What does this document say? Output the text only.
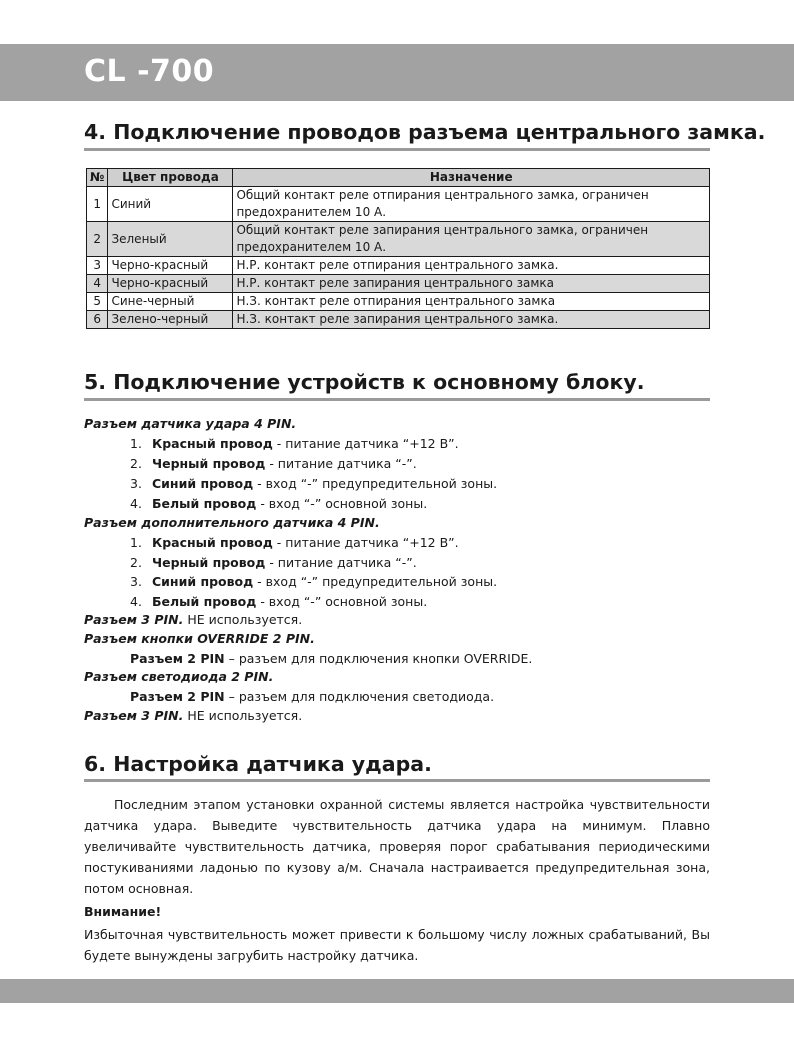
CL -700
4. Подключение проводов разъема центрального замка.
№	Цвет провода	Назначение
1	Синий	Общий контакт реле отпирания центрального замка, ограничен
предохранителем 10 А.

2	Зеленый	Общий контакт реле запирания центрального замка, ограничен
предохранителем 10 А.

3	Черно-красный	Н.Р. контакт реле отпирания центрального замка.
4	Черно-красный	Н.Р. контакт реле запирания центрального замка
5	Сине-черный	Н.З. контакт реле отпирания центрального замка
6	Зелено-черный	Н.З. контакт реле запирания центрального замка.
5. Подключение устройств к основному блоку.
Разъем датчика удара 4 PIN.
1. Красный провод - питание датчика “+12 В”.
2. Черный провод - питание датчика “-”.
3. Синий провод - вход “-” предупредительной зоны.
4. Белый провод - вход “-” основной зоны.
Разъем дополнительного датчика 4 PIN.
1. Красный провод - питание датчика “+12 В”.
2. Черный провод - питание датчика “-”.
3. Синий провод - вход “-” предупредительной зоны.
4. Белый провод - вход “-” основной зоны.
Разъем 3 PIN. НЕ используется.
Разъем кнопки OVERRIDE 2 PIN.
Разъем 2 PIN – разъем для подключения кнопки OVERRIDE.
Разъем светодиода 2 PIN.
Разъем 2 PIN – разъем для подключения светодиода.
Разъем 3 PIN. НЕ используется.
6. Настройка датчика удара.
Последним этапом установки охранной системы является настройка чувствительности датчика удара. Выведите чувствительность датчика удара на минимум. Плавно увеличивайте чувствительность датчика, проверяя порог срабатывания периодическими постукиваниями ладонью по кузову а/м. Сначала настраивается предупредительная зона, потом основная.
Внимание!
Избыточная чувствительность может привести к большому числу ложных срабатываний, Вы будете вынуждены загрубить настройку датчика.
